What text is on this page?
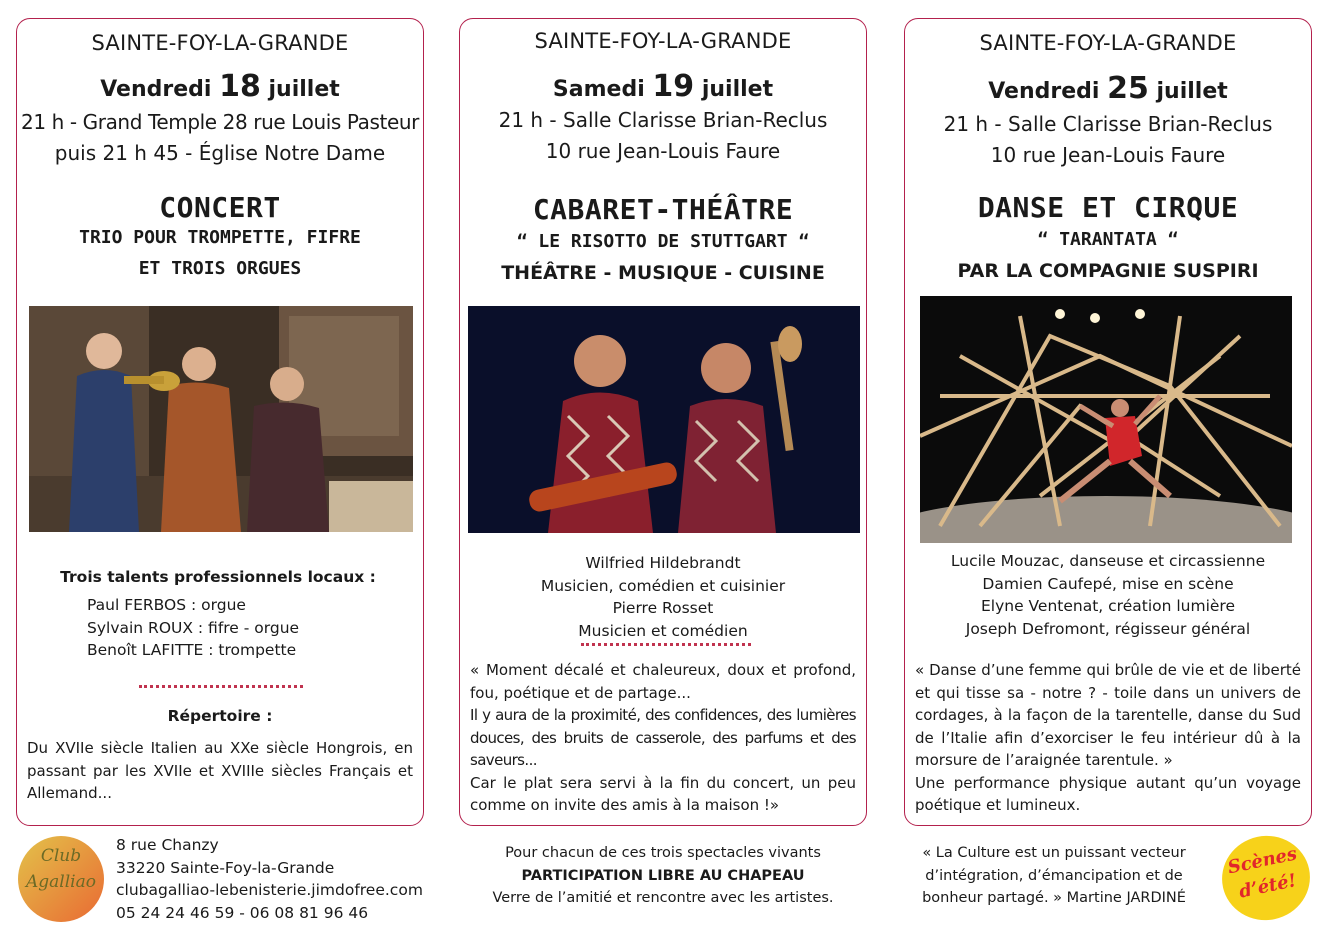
SAINTE-FOY-LA-GRANDE
Vendredi 18 juillet
21 h - Grand Temple 28 rue Louis Pasteur
puis 21 h 45 - Église Notre Dame
CONCERT
TRIO POUR TROMPETTE, FIFRE
ET TROIS ORGUES
Trois talents professionnels locaux :
Paul FERBOS : orgue
Sylvain ROUX : fifre - orgue
Benoît LAFITTE : trompette
Répertoire :
Du XVIIe siècle Italien au XXe siècle Hongrois, en passant par les XVIIe et XVIIIe siècles Français et Allemand...
SAINTE-FOY-LA-GRANDE
Samedi 19 juillet
21 h - Salle Clarisse Brian-Reclus
10 rue Jean-Louis Faure
CABARET-THÉÂTRE
“ LE RISOTTO DE STUTTGART “
THÉÂTRE - MUSIQUE - CUISINE
Wilfried Hildebrandt
Musicien, comédien et cuisinier
Pierre Rosset
Musicien et comédien
« Moment décalé et chaleureux, doux et profond, fou, poétique et de partage...
Il y aura de la proximité, des confidences, des lumières douces, des bruits de casserole, des parfums et des saveurs...
Car le plat sera servi à la fin du concert, un peu comme on invite des amis à la maison !»
SAINTE-FOY-LA-GRANDE
Vendredi 25 juillet
21 h - Salle Clarisse Brian-Reclus
10 rue Jean-Louis Faure
DANSE ET CIRQUE
“ TARANTATA “
PAR LA COMPAGNIE SUSPIRI
Lucile Mouzac, danseuse et circassienne
Damien Caufepé, mise en scène
Elyne Ventenat, création lumière
Joseph Defromont, régisseur général
« Danse d’une femme qui brûle de vie et de liberté et qui tisse sa - notre ? - toile dans un univers de cordages, à la façon de la tarentelle, danse du Sud de l’Italie afin d’exorciser le feu intérieur dû à la morsure de l’araignée tarentule. »
Une performance physique autant qu’un voyage poétique et lumineux.
Club
Agalliao
8 rue Chanzy
33220 Sainte-Foy-la-Grande
clubagalliao-lebenisterie.jimdofree.com
05 24 24 46 59 - 06 08 81 96 46
Pour chacun de ces trois spectacles vivants
PARTICIPATION LIBRE AU CHAPEAU
Verre de l’amitié et rencontre avec les artistes.
« La Culture est un puissant vecteur
d’intégration, d’émancipation et de
bonheur partagé. » Martine JARDINÉ
Scènes
d’été!
